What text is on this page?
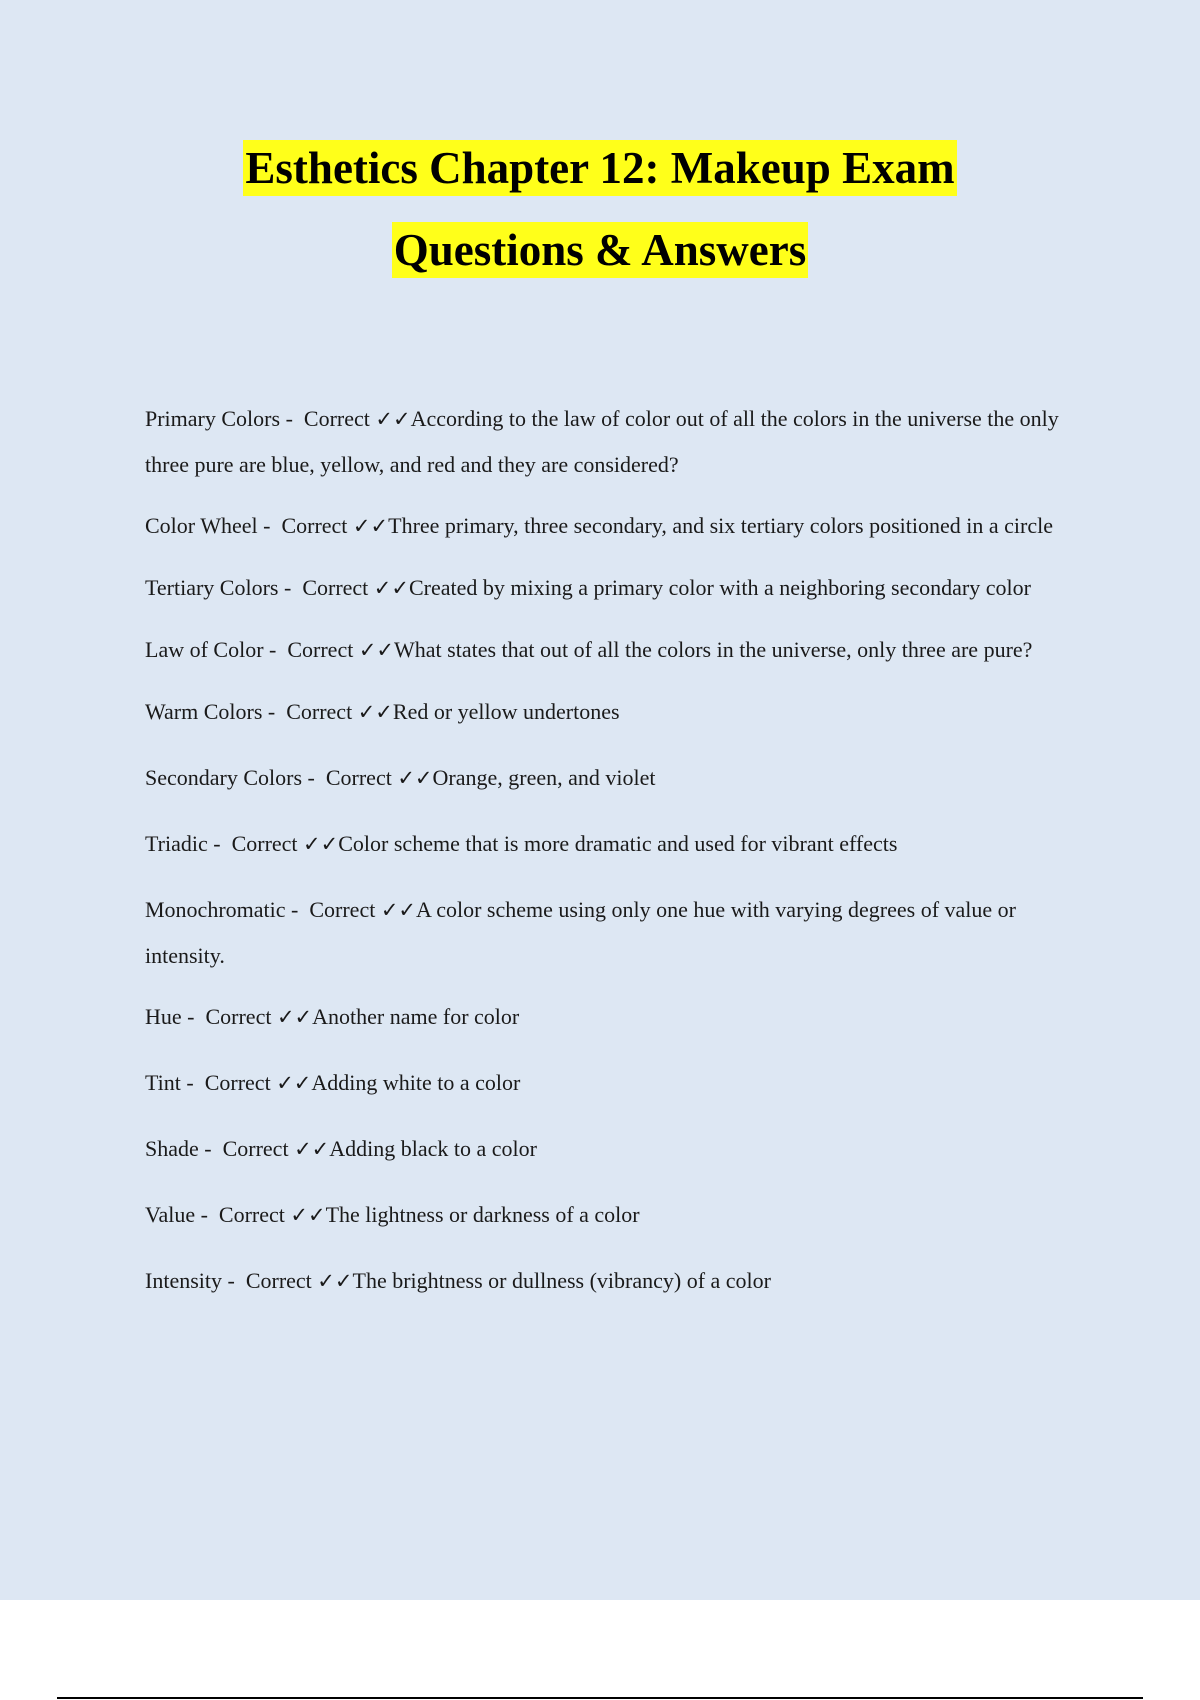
Esthetics Chapter 12: Makeup Exam
Questions & Answers
Primary Colors - Correct ✓✓According to the law of color out of all the colors in the universe the only three pure are blue, yellow, and red and they are considered?
Color Wheel - Correct ✓✓Three primary, three secondary, and six tertiary colors positioned in a circle
Tertiary Colors - Correct ✓✓Created by mixing a primary color with a neighboring secondary color
Law of Color - Correct ✓✓What states that out of all the colors in the universe, only three are pure?
Warm Colors - Correct ✓✓Red or yellow undertones
Secondary Colors - Correct ✓✓Orange, green, and violet
Triadic - Correct ✓✓Color scheme that is more dramatic and used for vibrant effects
Monochromatic - Correct ✓✓A color scheme using only one hue with varying degrees of value or intensity.
Hue - Correct ✓✓Another name for color
Tint - Correct ✓✓Adding white to a color
Shade - Correct ✓✓Adding black to a color
Value - Correct ✓✓The lightness or darkness of a color
Intensity - Correct ✓✓The brightness or dullness (vibrancy) of a color
